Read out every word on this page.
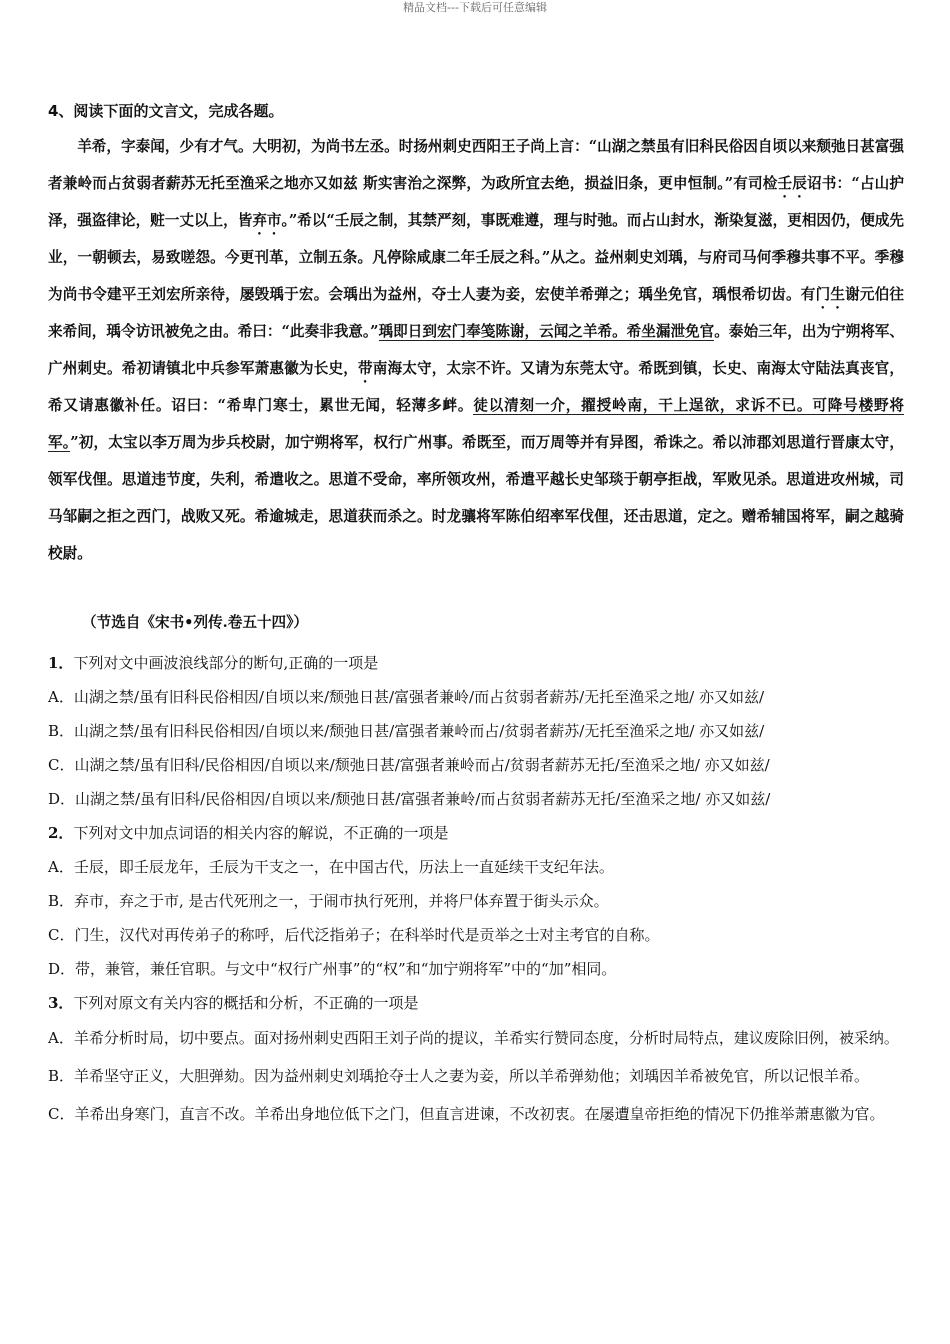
精品文档---下载后可任意编辑
4、阅读下面的文言文，完成各题。

羊希，字泰闻，少有才气。大明初，为尚书左丞。时扬州刺史西阳王子尚上言：“山湖之禁虽有旧科民俗因自顷以来颓弛日甚富强者兼岭而占贫弱者薪苏无托至渔采之地亦又如兹 斯实害治之深弊，为政所宜去绝，损益旧条，更申恒制。”有司检壬辰诏书：“占山护泽，强盗律论，赃一丈以上，皆弃市。”希以“壬辰之制，其禁严刻，事既难遵，理与时弛。而占山封水，渐染复滋，更相因仍，便成先业，一朝顿去，易致嗟怨。今更刊革，立制五条。凡停除咸康二年壬辰之科。”从之。益州刺史刘瑀，与府司马何季穆共事不平。季穆为尚书令建平王刘宏所亲待，屡毁瑀于宏。会瑀出为益州，夺士人妻为妾，宏使羊希弹之；瑀坐免官，瑀恨希切齿。有门生谢元伯往来希间，瑀令访讯被免之由。希曰：“此奏非我意。”瑀即日到宏门奉笺陈谢，云闻之羊希。希坐漏泄免官。泰始三年，出为宁朔将军、广州刺史。希初请镇北中兵参军萧惠徽为长史，带南海太守，太宗不许。又请为东莞太守。希既到镇，长史、南海太守陆法真丧官，希又请惠徽补任。诏曰：“希卑门寒士，累世无闻，轻薄多衅。徒以清刻一介，擢授岭南，干上逞欲，求诉不已。可降号楼野将军。”初，太宝以李万周为步兵校尉，加宁朔将军，权行广州事。希既至，而万周等并有异图，希诛之。希以沛郡刘思道行晋康太守，领军伐俚。思道违节度，失利，希遣收之。思道不受命，率所领攻州，希遣平越长史邹琰于朝亭拒战，军败见杀。思道进攻州城，司马邹嗣之拒之西门，战败又死。希逾城走，思道获而杀之。时龙骧将军陈伯绍率军伐俚，还击思道，定之。赠希辅国将军，嗣之越骑校尉。

（节选自《宋书•列传.卷五十四》）
1．下列对文中画波浪线部分的断句,正确的一项是
A．山湖之禁/虽有旧科民俗相因/自顷以来/颓弛日甚/富强者兼岭/而占贫弱者薪苏/无托至渔采之地/ 亦又如兹/
B．山湖之禁/虽有旧科民俗相因/自顷以来/颓弛日甚/富强者兼岭而占/贫弱者薪苏/无托至渔采之地/ 亦又如兹/
C．山湖之禁/虽有旧科/民俗相因/自顷以来/颓弛日甚/富强者兼岭而占/贫弱者薪苏无托/至渔采之地/ 亦又如兹/
D．山湖之禁/虽有旧科/民俗相因/自顷以来/颓弛日甚/富强者兼岭/而占贫弱者薪苏无托/至渔采之地/ 亦又如兹/
2．下列对文中加点词语的相关内容的解说，不正确的一项是
A．壬辰，即壬辰龙年，壬辰为干支之一，在中国古代，历法上一直延续干支纪年法。
B．弃市，弃之于市, 是古代死刑之一，于闹市执行死刑，并将尸体弃置于街头示众。
C．门生，汉代对再传弟子的称呼，后代泛指弟子；在科举时代是贡举之士对主考官的自称。
D．带，兼管，兼任官职。与文中“权行广州事”的“权”和“加宁朔将军”中的“加”相同。
3．下列对原文有关内容的概括和分析，不正确的一项是
A．羊希分析时局，切中要点。面对扬州刺史西阳王刘子尚的提议，羊希实行赞同态度，分析时局特点，建议废除旧例，被采纳。
B．羊希坚守正义，大胆弹劾。因为益州刺史刘瑀抢夺士人之妻为妾，所以羊希弹劾他；刘瑀因羊希被免官，所以记恨羊希。
C．羊希出身寒门，直言不改。羊希出身地位低下之门，但直言进谏，不改初衷。在屡遭皇帝拒绝的情况下仍推举萧惠徽为官。
